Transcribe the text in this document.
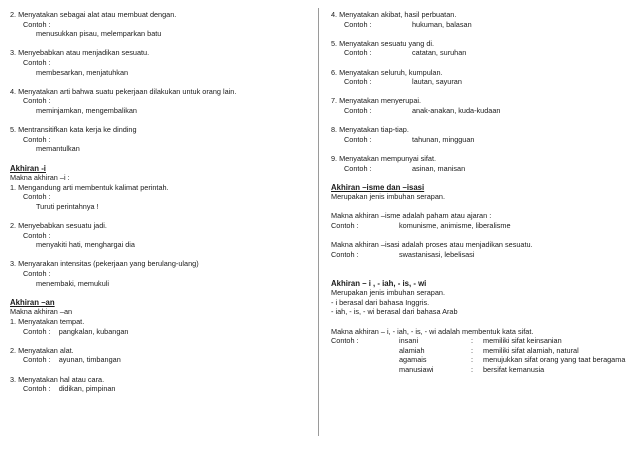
2. Menyatakan sebagai alat atau membuat dengan.
Contoh :
menusukkan pisau, melemparkan batu
3. Menyebabkan atau menjadikan sesuatu.
Contoh :
membesarkan, menjatuhkan
4. Menyatakan arti bahwa suatu pekerjaan dilakukan untuk orang lain.
Contoh :
meminjamkan, mengembalikan
5. Mentransitifkan kata kerja ke dinding
Contoh :
memantulkan
Akhiran -i
Makna akhiran –i :
1. Mengandung arti membentuk kalimat perintah.
Contoh :
Turuti perintahnya !
2. Menyebabkan sesuatu jadi.
Contoh :
menyakiti hati, menghargai dia
3. Menyarakan intensitas (pekerjaan yang berulang-ulang)
Contoh :
menembaki, memukuli
Akhiran –an
Makna akhiran –an
1. Menyatakan tempat.
Contoh : pangkalan, kubangan
2. Menyatakan alat.
Contoh : ayunan, timbangan
3. Menyatakan hal atau cara.
Contoh : didikan, pimpinan
4. Menyatakan akibat, hasil perbuatan.
Contoh :	hukuman, balasan
5. Menyatakan sesuatu yang di.
Contoh :	catatan, suruhan
6. Menyatakan seluruh, kumpulan.
Contoh :	lautan, sayuran
7. Menyatakan menyerupai.
Contoh :	anak-anakan, kuda-kudaan
8. Menyatakan tiap-tiap.
Contoh :	tahunan, mingguan
9. Menyatakan mempunyai sifat.
Contoh :	asinan, manisan
Akhiran –isme dan –isasi
Merupakan jenis imbuhan serapan.
Makna akhiran –isme adalah paham atau ajaran :
Contoh :	komunisme, animisme, liberalisme
Makna akhiran –isasi adalah proses atau menjadikan sesuatu.
Contoh :	swastanisasi, lebelisasi
Akhiran – i , - iah, - is, - wi
Merupakan jenis imbuhan serapan.
- i berasal dari bahasa Inggris.
- iah, - is, - wi berasal dari bahasa Arab
Makna akhiran – i, - iah, - is, - wi adalah membentuk kata sifat.
Contoh :	insani	:	memiliki sifat keinsanian
alamiah	:	memiliki sifat alamiah, natural
agamais	:	menujukkan sifat orang yang taat beragama
manusiawi	:	bersifat kemanusia
